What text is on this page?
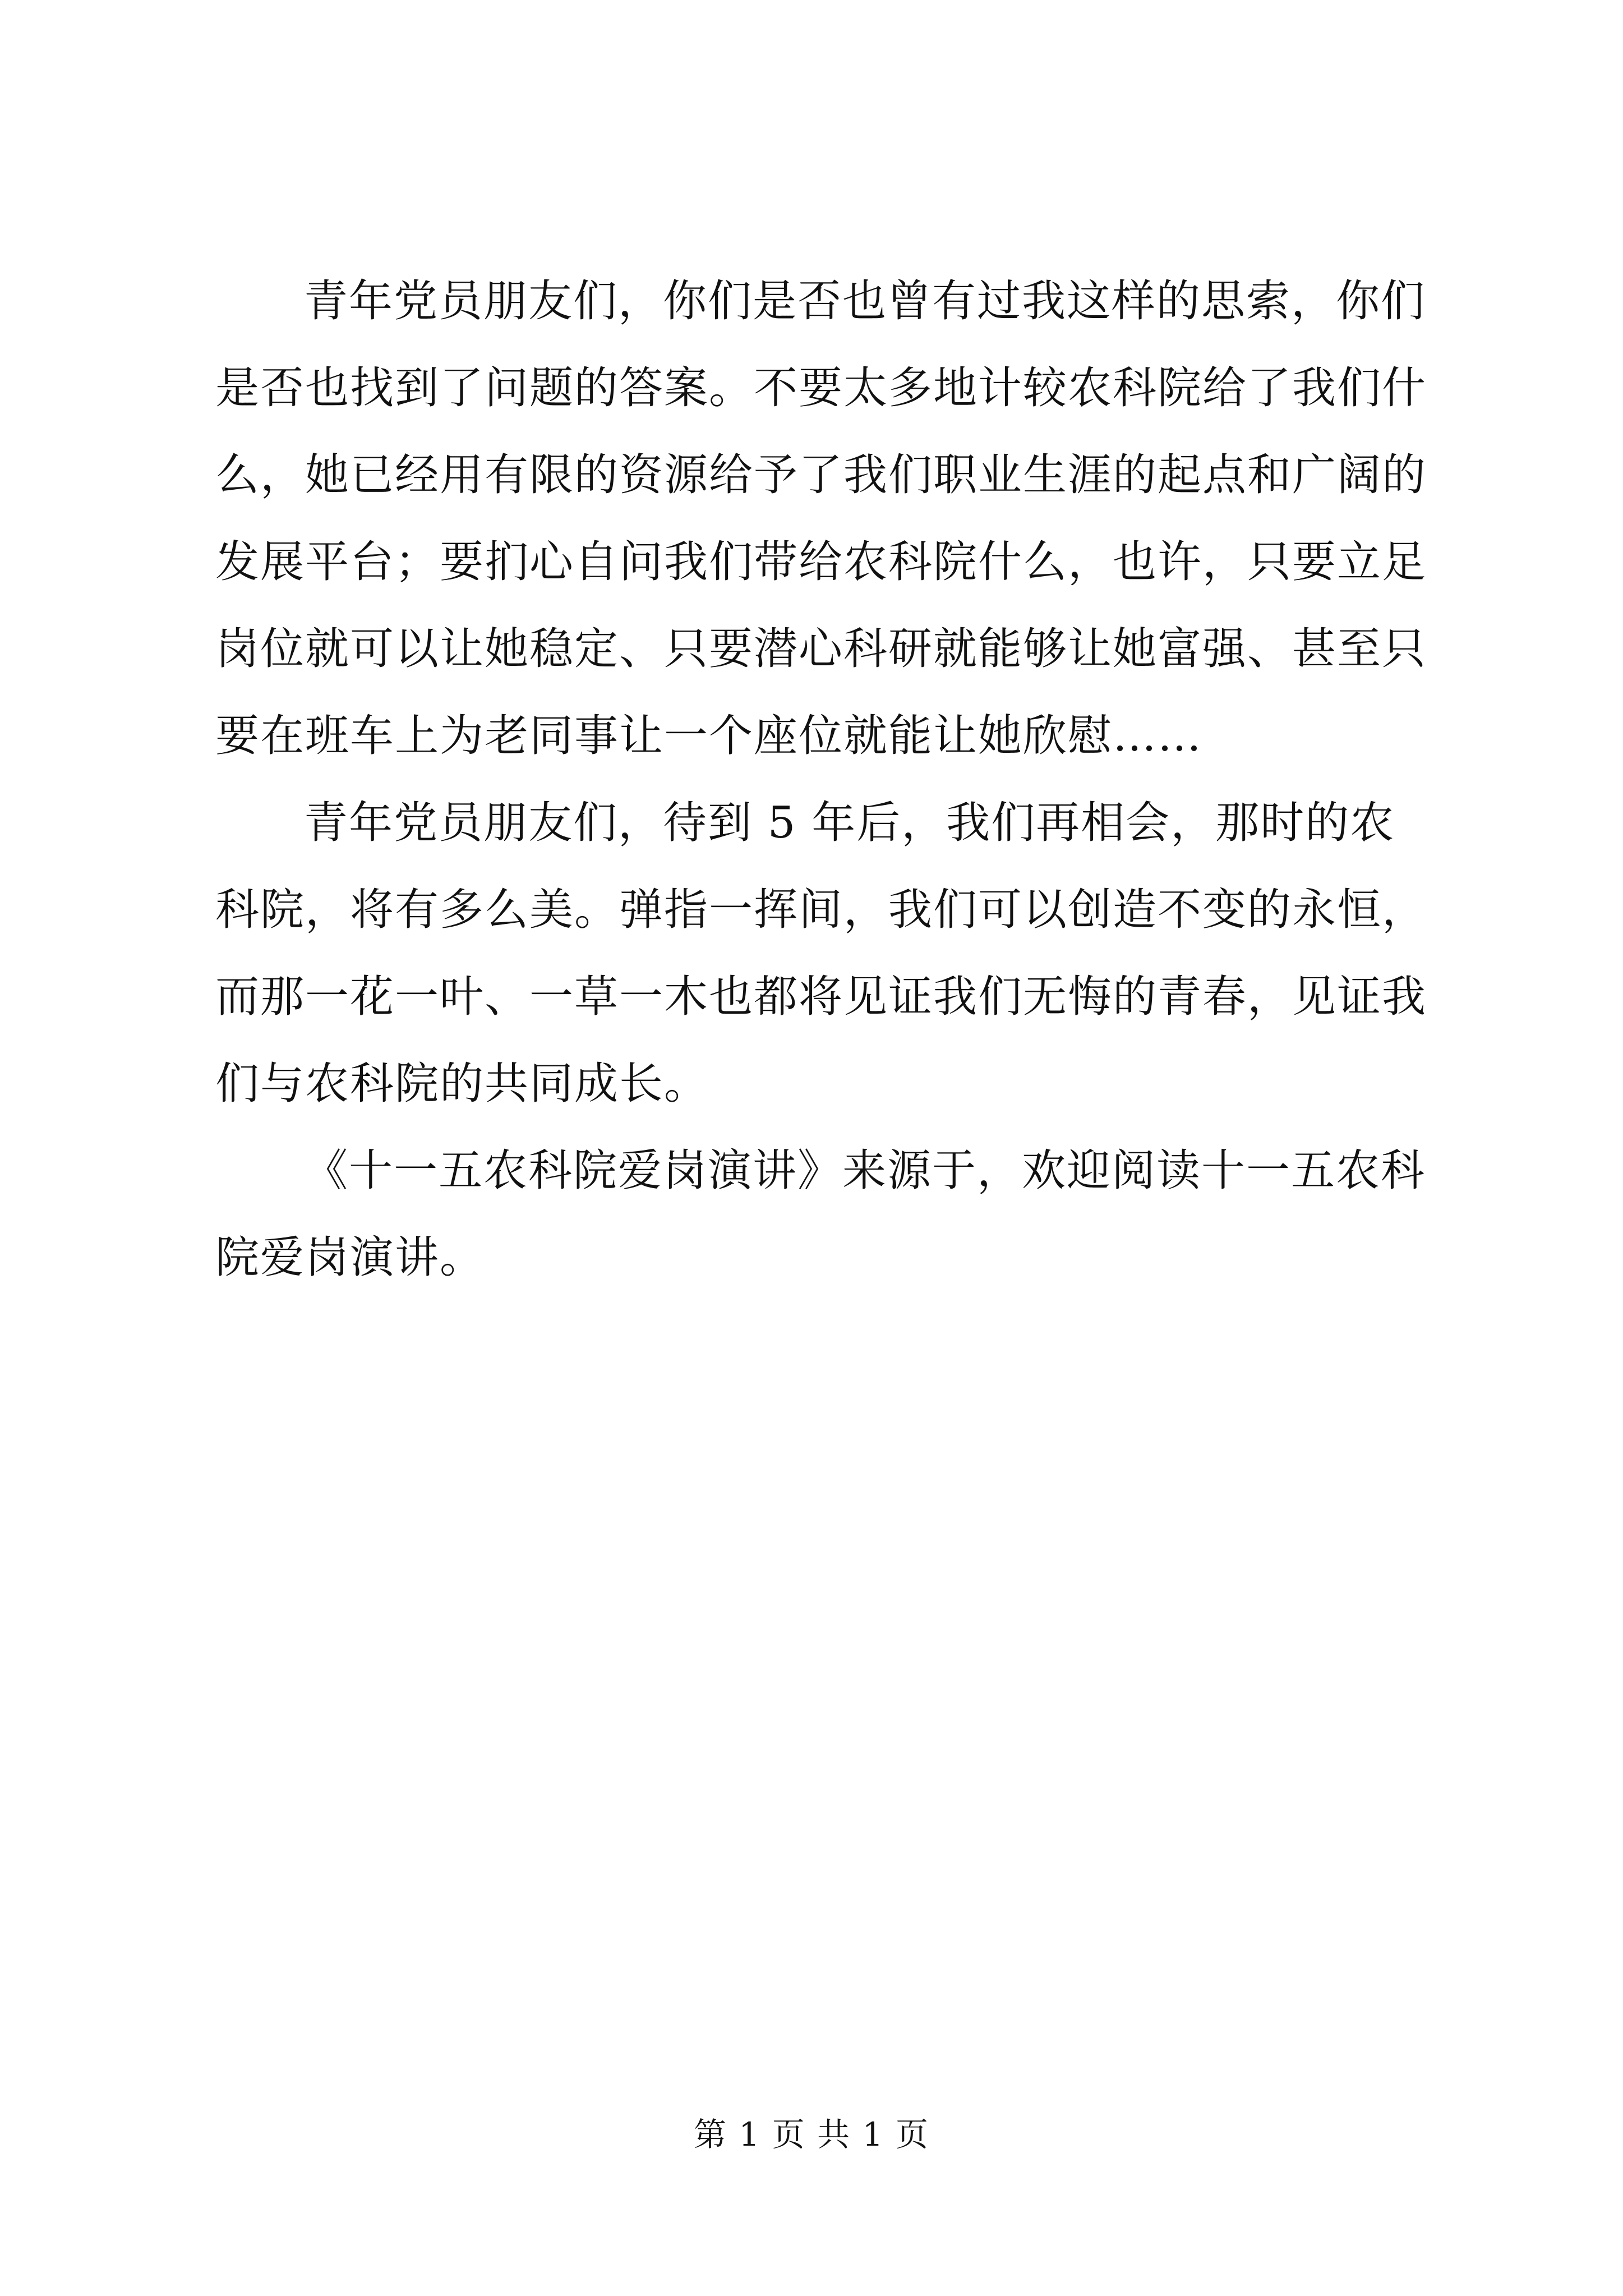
青年党员朋友们，你们是否也曾有过我这样的思索，你们是否也找到了问题的答案。不要太多地计较农科院给了我们什么，她已经用有限的资源给予了我们职业生涯的起点和广阔的发展平台；要扪心自问我们带给农科院什么，也许，只要立足岗位就可以让她稳定、只要潜心科研就能够让她富强、甚至只要在班车上为老同事让一个座位就能让她欣慰……

青年党员朋友们，待到 5 年后，我们再相会，那时的农科院，将有多么美。弹指一挥间，我们可以创造不变的永恒，而那一花一叶、一草一木也都将见证我们无悔的青春，见证我们与农科院的共同成长。

《十一五农科院爱岗演讲》来源于，欢迎阅读十一五农科院爱岗演讲。

第 1 页 共 1 页
